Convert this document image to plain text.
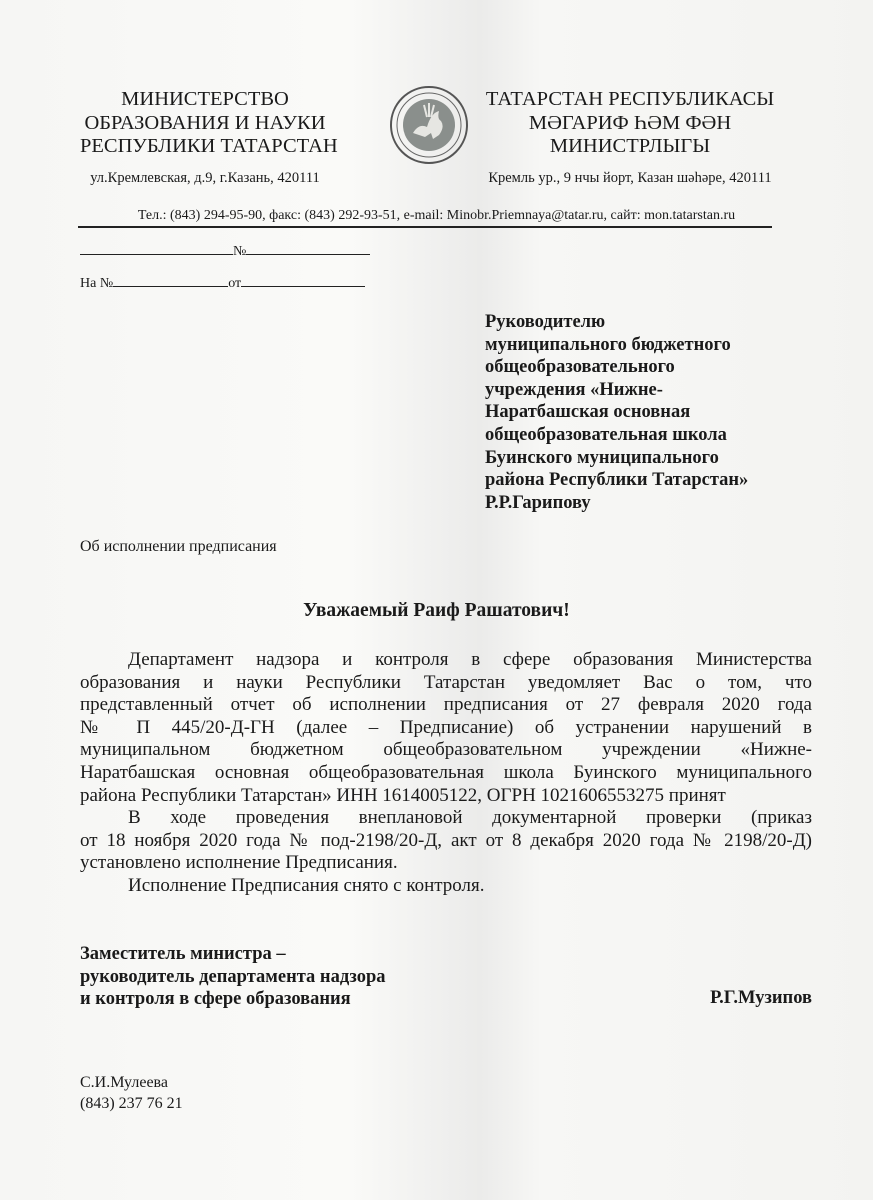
МИНИСТЕРСТВО
ОБРАЗОВАНИЯ И НАУКИ
РЕСПУБЛИКИ ТАТАРСТАН
ул.Кремлевская, д.9, г.Казань, 420111
ТАТАРСТАН РЕСПУБЛИКАСЫ
МӘГАРИФ ҺӘМ ФӘН
МИНИСТРЛЫГЫ
Кремль ур., 9 нчы йорт, Казан шәһәре, 420111
Тел.: (843) 294-95-90, факс: (843) 292-93-51, e-mail: Minobr.Priemnaya@tatar.ru, сайт: mon.tatarstan.ru
№
На №	от
Руководителю
муниципального бюджетного
общеобразовательного
учреждения «Нижне-
Наратбашская основная
общеобразовательная школа
Буинского муниципального
района Республики Татарстан»
Р.Р.Гарипову
Об исполнении предписания
Уважаемый Раиф Рашатович!
Департамент надзора и контроля в сфере образования Министерства
образования и науки Республики Татарстан уведомляет Вас о том, что
представленный отчет об исполнении предписания от 27 февраля 2020 года
№ П 445/20-Д-ГН (далее – Предписание) об устранении нарушений в
муниципальном бюджетном общеобразовательном учреждении «Нижне-
Наратбашская основная общеобразовательная школа Буинского муниципального
района Республики Татарстан» ИНН 1614005122, ОГРН 1021606553275 принят
В ходе проведения внеплановой документарной проверки (приказ
от 18 ноября 2020 года № под-2198/20-Д, акт от 8 декабря 2020 года № 2198/20-Д)
установлено исполнение Предписания.
Исполнение Предписания снято с контроля.
Заместитель министра –
руководитель департамента надзора
и контроля в сфере образования	Р.Г.Музипов
С.И.Мулеева
(843) 237 76 21
